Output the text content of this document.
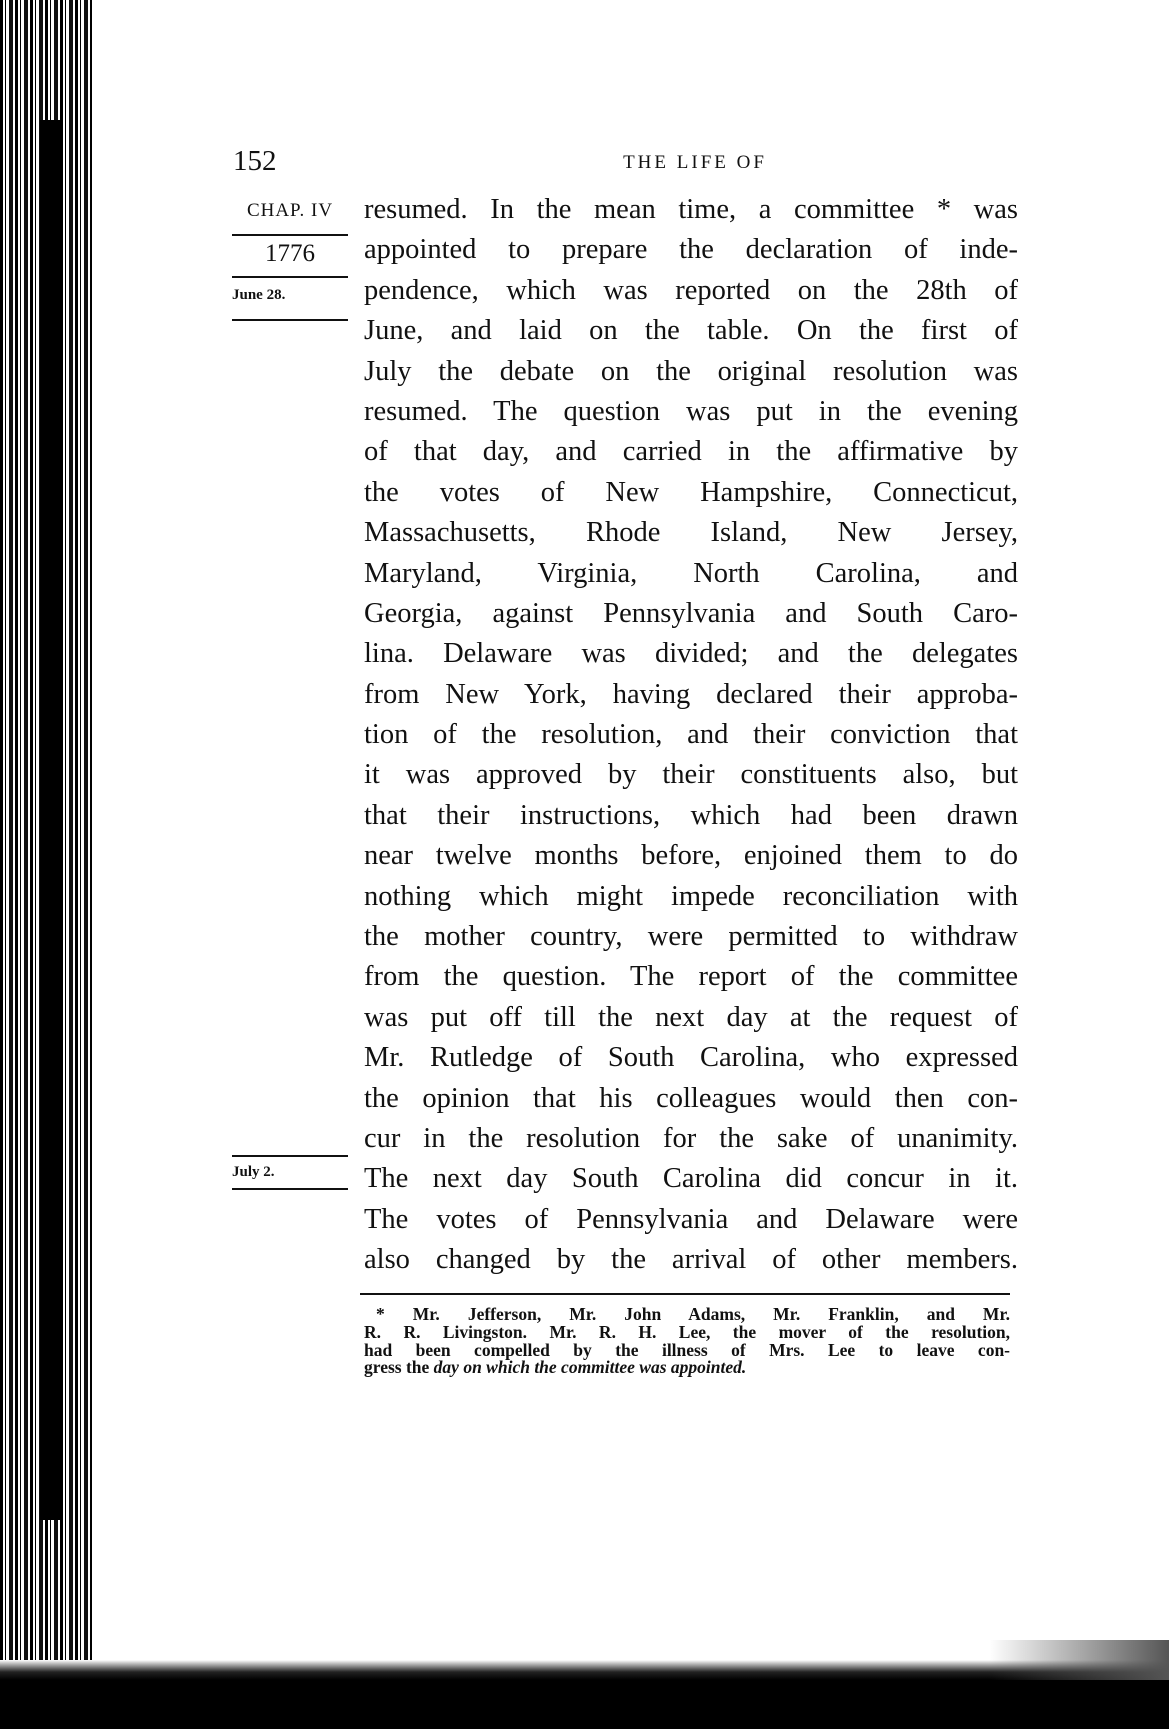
152	THE LIFE OF
CHAP. IV
1776
June 28.
July 2.
resumed. In the mean time, a committee * was
appointed to prepare the declaration of inde-
pendence, which was reported on the 28th of
June, and laid on the table. On the first of
July the debate on the original resolution was
resumed. The question was put in the evening
of that day, and carried in the affirmative by
the votes of New Hampshire, Connecticut,
Massachusetts, Rhode Island, New Jersey,
Maryland, Virginia, North Carolina, and
Georgia, against Pennsylvania and South Caro-
lina. Delaware was divided; and the delegates
from New York, having declared their approba-
tion of the resolution, and their conviction that
it was approved by their constituents also, but
that their instructions, which had been drawn
near twelve months before, enjoined them to do
nothing which might impede reconciliation with
the mother country, were permitted to withdraw
from the question. The report of the committee
was put off till the next day at the request of
Mr. Rutledge of South Carolina, who expressed
the opinion that his colleagues would then con-
cur in the resolution for the sake of unanimity.
The next day South Carolina did concur in it.
The votes of Pennsylvania and Delaware were
also changed by the arrival of other members.
* Mr. Jefferson, Mr. John Adams, Mr. Franklin, and Mr.
R. R. Livingston. Mr. R. H. Lee, the mover of the resolution,
had been compelled by the illness of Mrs. Lee to leave con-
gress the day on which the committee was appointed.
